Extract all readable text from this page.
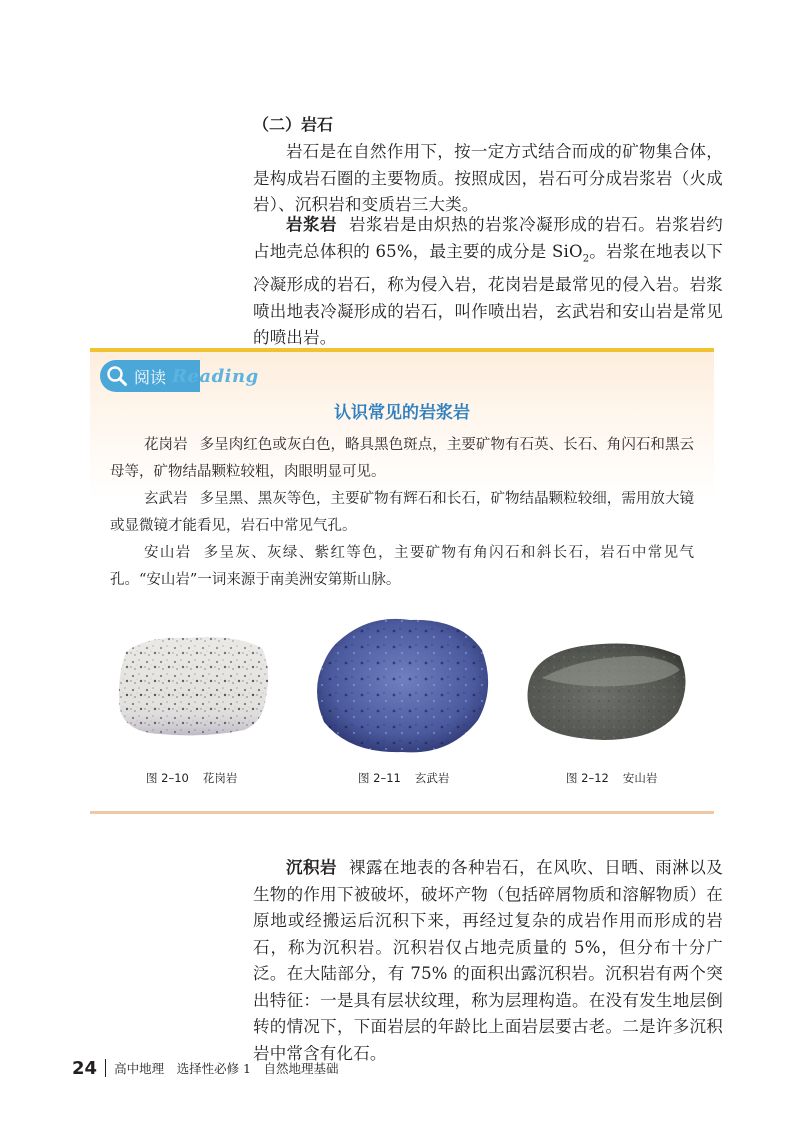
（二）岩石

岩石是在自然作用下，按一定方式结合而成的矿物集合体，是构成岩石圈的主要物质。按照成因，岩石可分成岩浆岩（火成岩）、沉积岩和变质岩三大类。

岩浆岩 岩浆岩是由炽热的岩浆冷凝形成的岩石。岩浆岩约占地壳总体积的 65%，最主要的成分是 SiO$_2$。岩浆在地表以下冷凝形成的岩石，称为侵入岩，花岗岩是最常见的侵入岩。岩浆喷出地表冷凝形成的岩石，叫作喷出岩，玄武岩和安山岩是常见的喷出岩。

阅读 Reading

认识常见的岩浆岩

花岗岩 多呈肉红色或灰白色，略具黑色斑点，主要矿物有石英、长石、角闪石和黑云母等，矿物结晶颗粒较粗，肉眼明显可见。

玄武岩 多呈黑、黑灰等色，主要矿物有辉石和长石，矿物结晶颗粒较细，需用放大镜或显微镜才能看见，岩石中常见气孔。

安山岩 多呈灰、灰绿、紫红等色，主要矿物有角闪石和斜长石，岩石中常见气孔。“安山岩”一词来源于南美洲安第斯山脉。

图 2–10 花岗岩	图 2–11 玄武岩	图 2–12 安山岩

沉积岩 裸露在地表的各种岩石，在风吹、日晒、雨淋以及生物的作用下被破坏，破坏产物（包括碎屑物质和溶解物质）在原地或经搬运后沉积下来，再经过复杂的成岩作用而形成的岩石，称为沉积岩。沉积岩仅占地壳质量的 5%，但分布十分广泛。在大陆部分，有 75% 的面积出露沉积岩。沉积岩有两个突出特征：一是具有层状纹理，称为层理构造。在没有发生地层倒转的情况下，下面岩层的年龄比上面岩层要古老。二是许多沉积岩中常含有化石。

24 高中地理　选择性必修 1　自然地理基础
